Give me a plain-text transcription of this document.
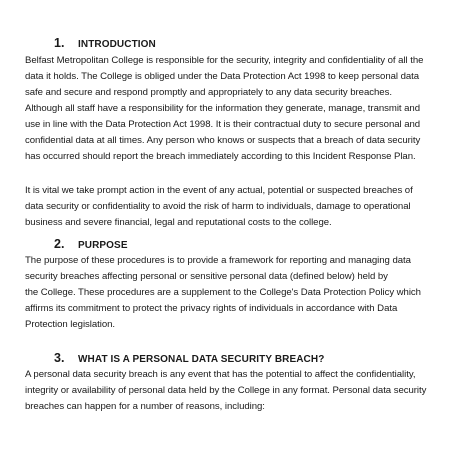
1.	INTRODUCTION

Belfast Metropolitan College is responsible for the security, integrity and confidentiality of all the
data it holds. The College is obliged under the Data Protection Act 1998 to keep personal data
safe and secure and respond promptly and appropriately to any data security breaches.
Although all staff have a responsibility for the information they generate, manage, transmit and
use in line with the Data Protection Act 1998. It is their contractual duty to secure personal and
confidential data at all times. Any person who knows or suspects that a breach of data security
has occurred should report the breach immediately according to this Incident Response Plan.

It is vital we take prompt action in the event of any actual, potential or suspected breaches of
data security or confidentiality to avoid the risk of harm to individuals, damage to operational
business and severe financial, legal and reputational costs to the college.

2.	PURPOSE

The purpose of these procedures is to provide a framework for reporting and managing data
security breaches affecting personal or sensitive personal data (defined below) held by
the College. These procedures are a supplement to the College's Data Protection Policy which
affirms its commitment to protect the privacy rights of individuals in accordance with Data
Protection legislation.

3.	WHAT IS A PERSONAL DATA SECURITY BREACH?

A personal data security breach is any event that has the potential to affect the confidentiality,
integrity or availability of personal data held by the College in any format. Personal data security
breaches can happen for a number of reasons, including:
